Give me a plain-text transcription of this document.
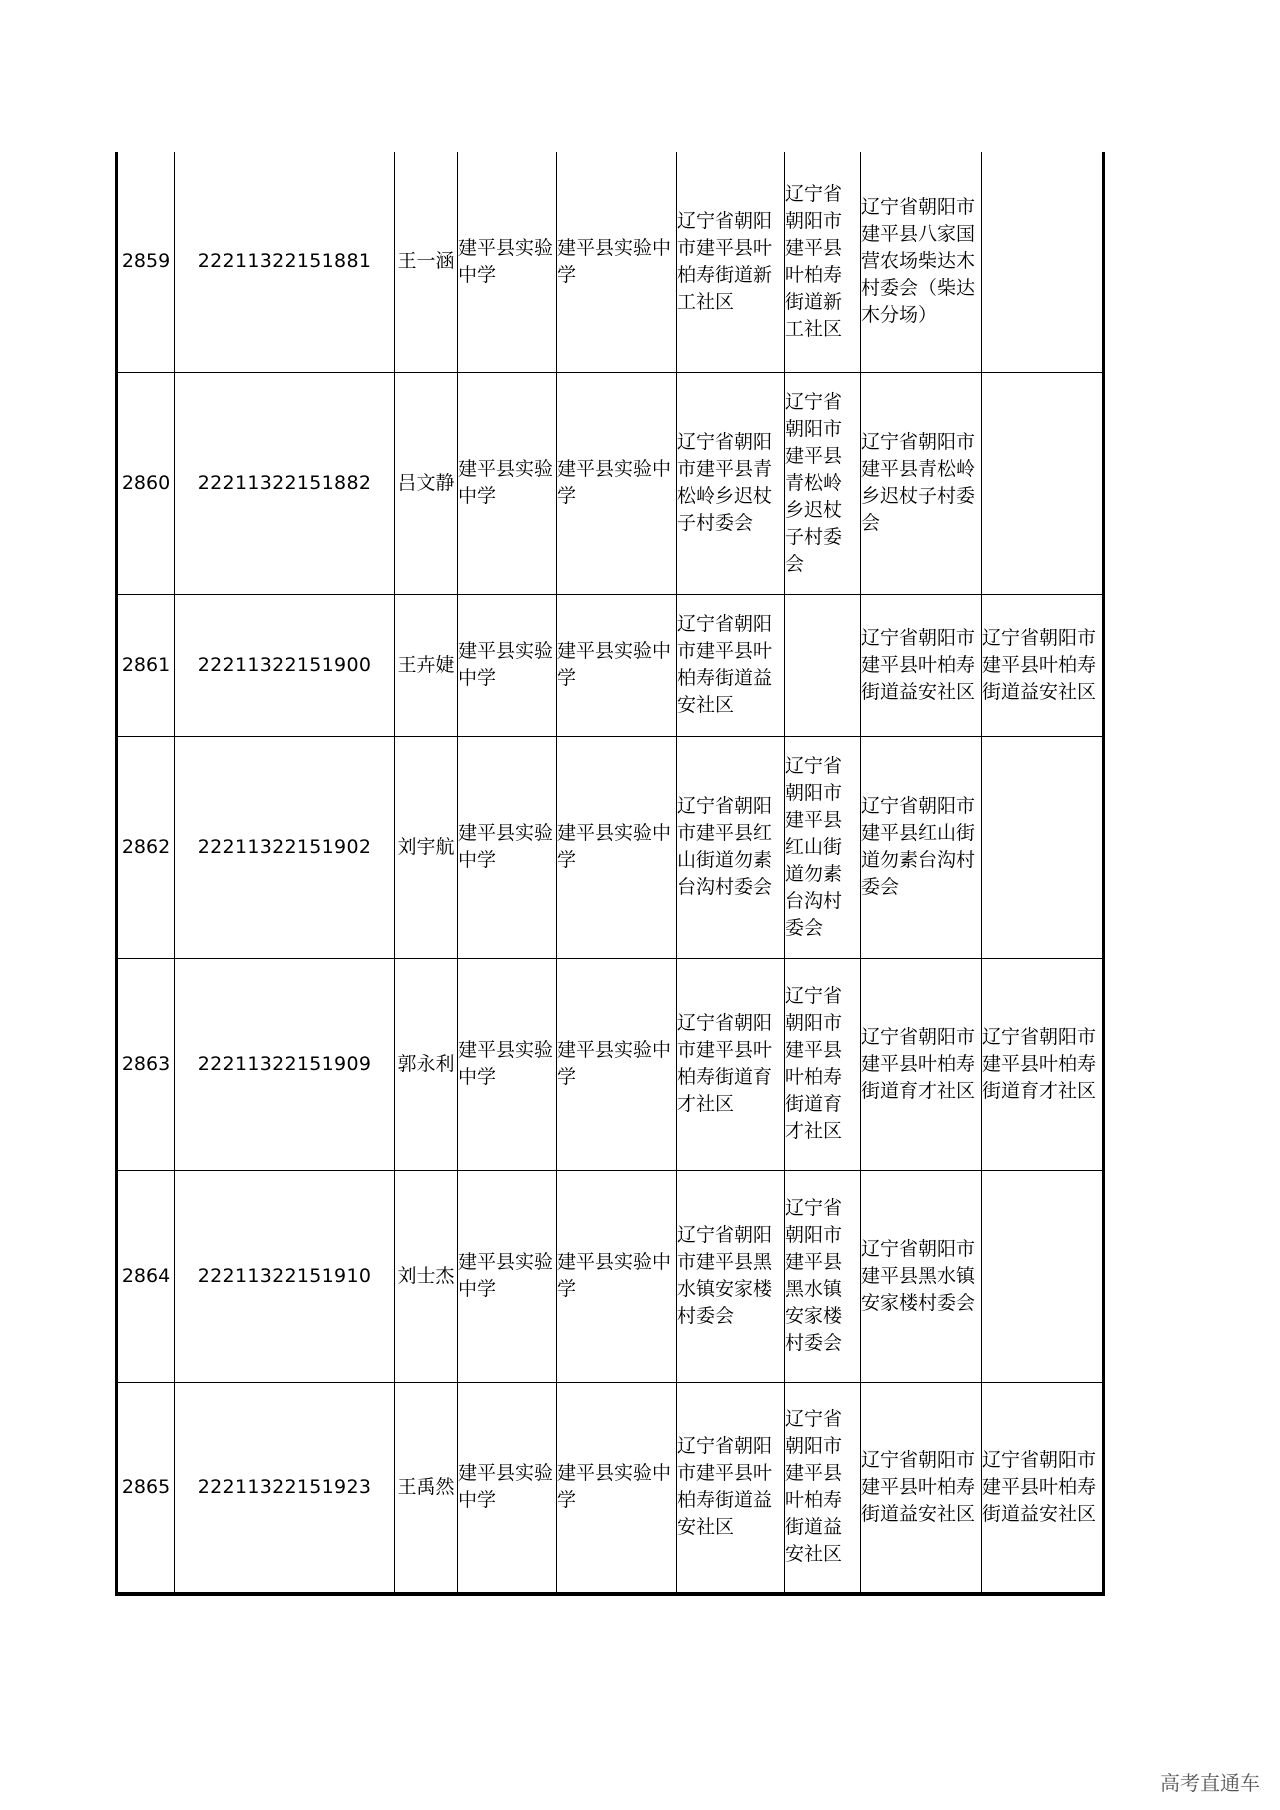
2859	22211322151881	王一涵	建平县实验中学	建平县实验中学	辽宁省朝阳市建平县叶柏寿街道新工社区	辽宁省朝阳市建平县叶柏寿街道新工社区	辽宁省朝阳市建平县八家国营农场柴达木村委会（柴达木分场）	

2860	22211322151882	吕文静	建平县实验中学	建平县实验中学	辽宁省朝阳市建平县青松岭乡迟杖子村委会	辽宁省朝阳市建平县青松岭乡迟杖子村委会	辽宁省朝阳市建平县青松岭乡迟杖子村委会	

2861	22211322151900	王卉婕	建平县实验中学	建平县实验中学	辽宁省朝阳市建平县叶柏寿街道益安社区		辽宁省朝阳市建平县叶柏寿街道益安社区	辽宁省朝阳市建平县叶柏寿街道益安社区

2862	22211322151902	刘宇航	建平县实验中学	建平县实验中学	辽宁省朝阳市建平县红山街道勿素台沟村委会	辽宁省朝阳市建平县红山街道勿素台沟村委会	辽宁省朝阳市建平县红山街道勿素台沟村委会	

2863	22211322151909	郭永利	建平县实验中学	建平县实验中学	辽宁省朝阳市建平县叶柏寿街道育才社区	辽宁省朝阳市建平县叶柏寿街道育才社区	辽宁省朝阳市建平县叶柏寿街道育才社区	辽宁省朝阳市建平县叶柏寿街道育才社区

2864	22211322151910	刘士杰	建平县实验中学	建平县实验中学	辽宁省朝阳市建平县黑水镇安家楼村委会	辽宁省朝阳市建平县黑水镇安家楼村委会	辽宁省朝阳市建平县黑水镇安家楼村委会	

2865	22211322151923	王禹然	建平县实验中学	建平县实验中学	辽宁省朝阳市建平县叶柏寿街道益安社区	辽宁省朝阳市建平县叶柏寿街道益安社区	辽宁省朝阳市建平县叶柏寿街道益安社区	辽宁省朝阳市建平县叶柏寿街道益安社区
高考直通车
